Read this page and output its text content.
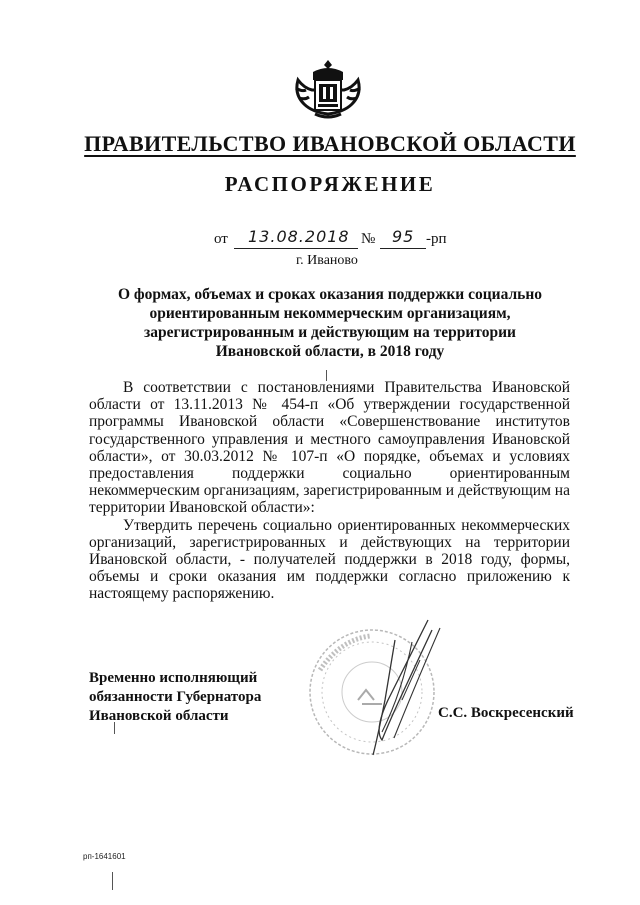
ПРАВИТЕЛЬСТВО ИВАНОВСКОЙ ОБЛАСТИ
РАСПОРЯЖЕНИЕ
от 13.08.2018 № 95 -рп
г. Иваново
О формах, объемах и сроках оказания поддержки социально
ориентированным некоммерческим организациям,
зарегистрированным и действующим на территории
Ивановской области, в 2018 году

В соответствии с постановлениями Правительства Ивановской области от 13.11.2013 № 454-п «Об утверждении государственной программы Ивановской области «Совершенствование институтов государственного управления и местного самоуправления Ивановской области», от 30.03.2012 № 107-п «О порядке, объемах и условиях предоставления поддержки социально ориентированным некоммерческим организациям, зарегистрированным и действующим на территории Ивановской области»:

Утвердить перечень социально ориентированных некоммерческих организаций, зарегистрированных и действующих на территории Ивановской области, - получателей поддержки в 2018 году, формы, объемы и сроки оказания им поддержки согласно приложению к настоящему распоряжению.

Временно исполняющий
обязанности Губернатора
Ивановской области	С.С. Воскресенский
рп-1641601
